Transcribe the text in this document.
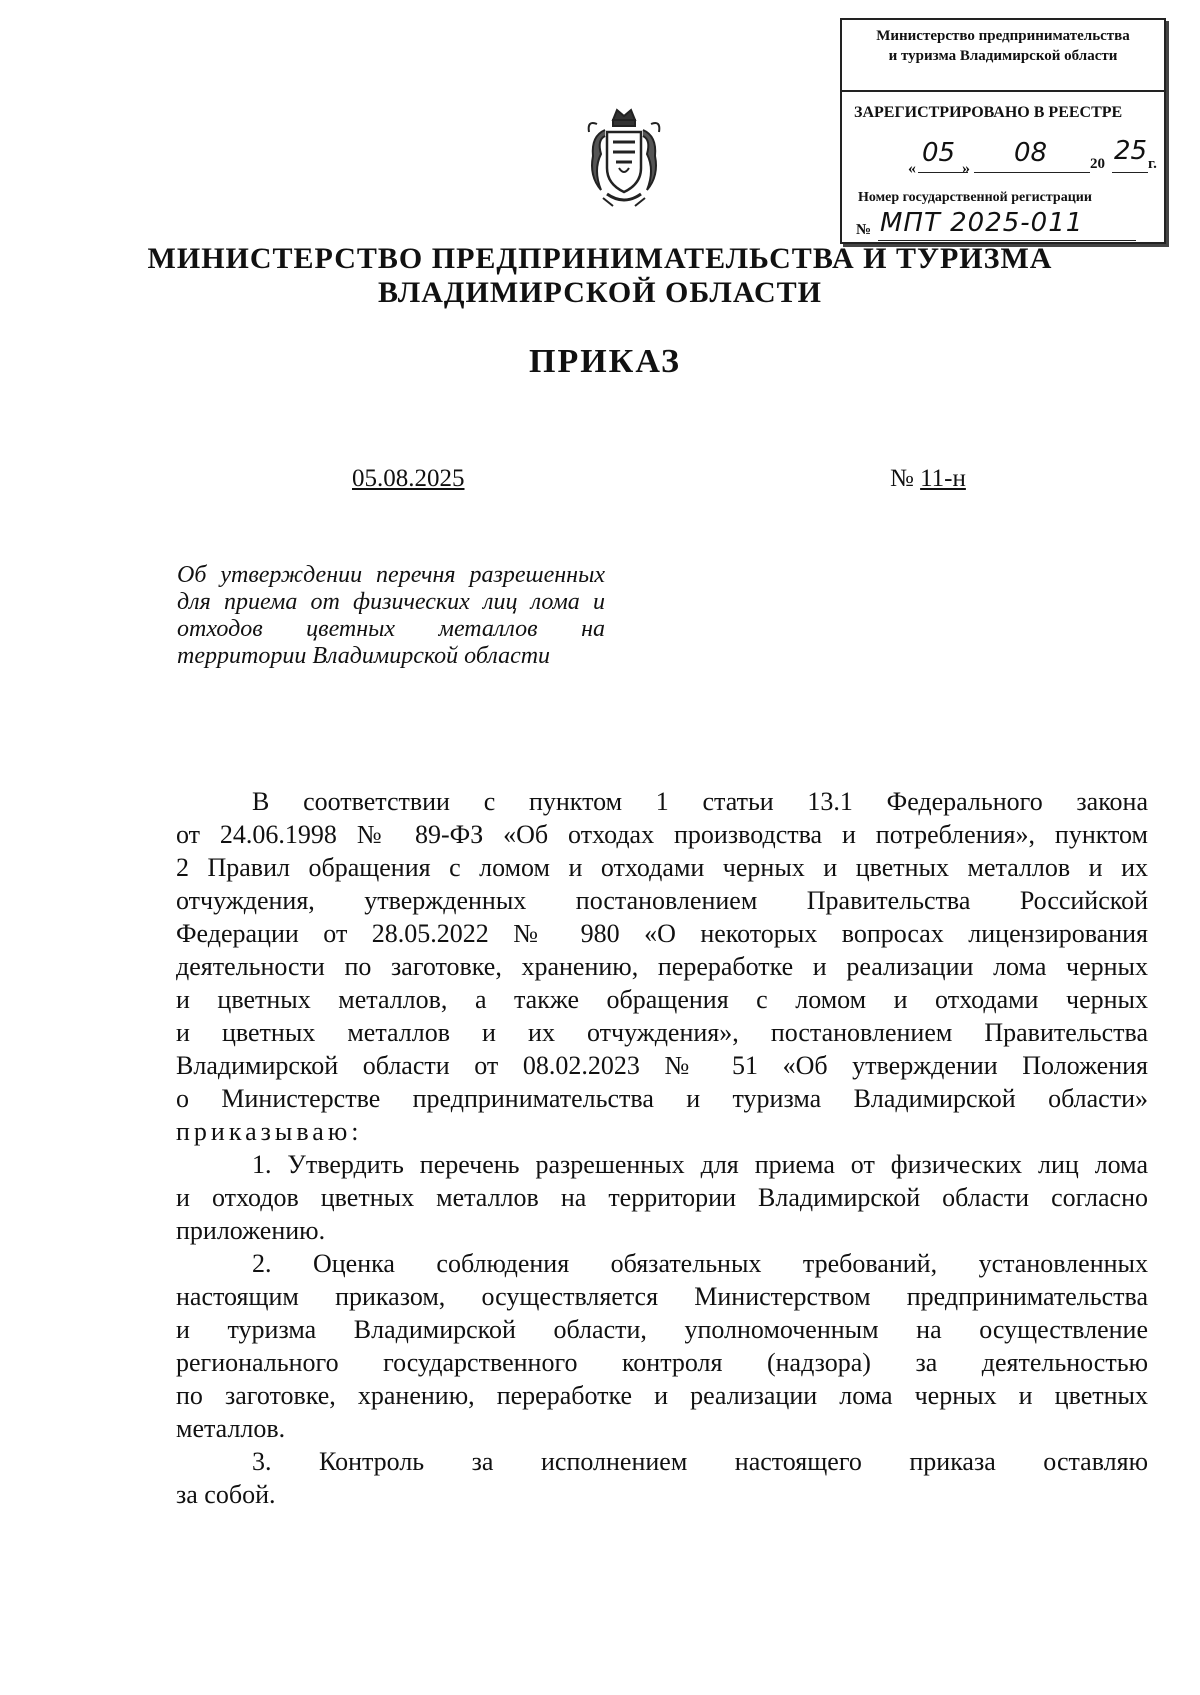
Министерство предпринимательства
и туризма Владимирской области
ЗАРЕГИСТРИРОВАНО В РЕЕСТРЕ
«
05
»
08	20 25 г.
Номер государственной регистрации
№ МПТ 2025-011
МИНИСТЕРСТВО ПРЕДПРИНИМАТЕЛЬСТВА И ТУРИЗМА
ВЛАДИМИРСКОЙ ОБЛАСТИ
ПРИКАЗ
05.08.2025	№ 11-н
Об утверждении перечня разрешенных
для приема от физических лиц лома и
отходов цветных металлов на
территории Владимирской области
В соответствии с пунктом 1 статьи 13.1 Федерального закона
от 24.06.1998 № 89-ФЗ «Об отходах производства и потребления», пунктом
2 Правил обращения с ломом и отходами черных и цветных металлов и их
отчуждения, утвержденных постановлением Правительства Российской
Федерации от 28.05.2022 № 980 «О некоторых вопросах лицензирования
деятельности по заготовке, хранению, переработке и реализации лома черных
и цветных металлов, а также обращения с ломом и отходами черных
и цветных металлов и их отчуждения», постановлением Правительства
Владимирской области от 08.02.2023 № 51 «Об утверждении Положения
о Министерстве предпринимательства и туризма Владимирской области»
приказываю:
1. Утвердить перечень разрешенных для приема от физических лиц лома
и отходов цветных металлов на территории Владимирской области согласно
приложению.
2. Оценка соблюдения обязательных требований, установленных
настоящим приказом, осуществляется Министерством предпринимательства
и туризма Владимирской области, уполномоченным на осуществление
регионального государственного контроля (надзора) за деятельностью
по заготовке, хранению, переработке и реализации лома черных и цветных
металлов.
3. Контроль за исполнением настоящего приказа оставляю
за собой.
